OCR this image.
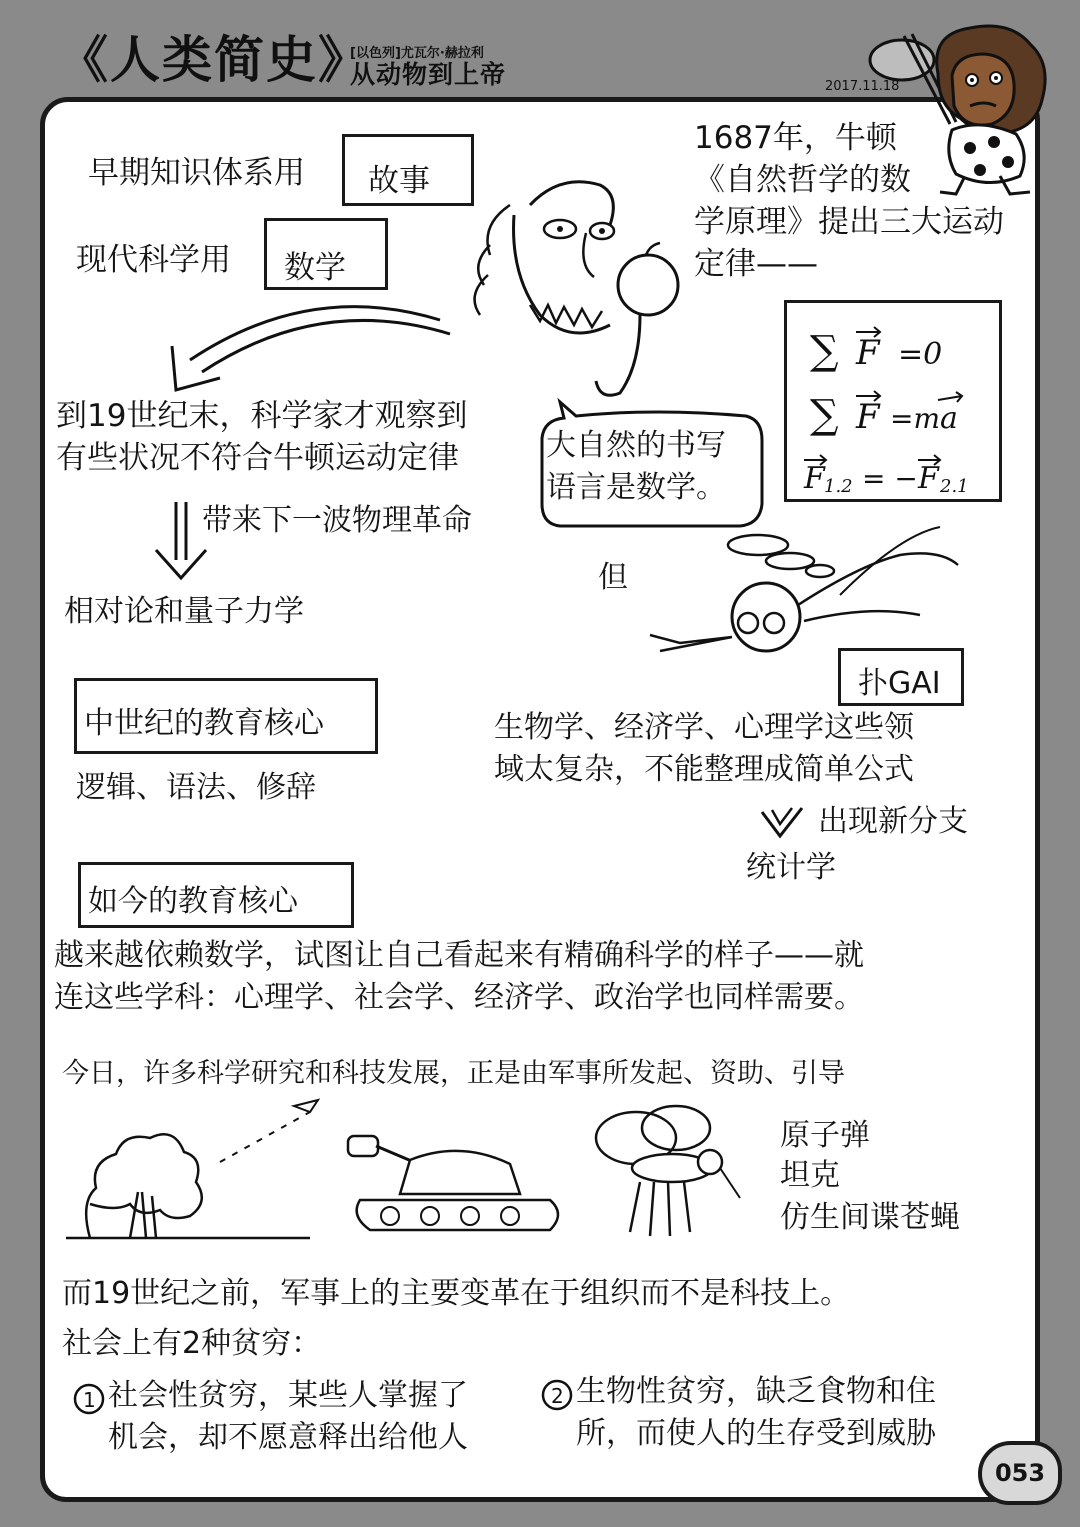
《人类简史》
[以色列]尤瓦尔·赫拉利
从动物到上帝	2017.11.18
早期知识体系用 故事
现代科学用 数学
1687年，牛顿
《自然哲学的数
学原理》提出三大运动
定律——
∑ F =0
∑ F =m a
F 1.2 = − F 2.1
大自然的书写
语言是数学。
到19世纪末，科学家才观察到
有些状况不符合牛顿运动定律
带来下一波物理革命
相对论和量子力学
但
扑GAI
生物学、经济学、心理学这些领
域太复杂，不能整理成简单公式
出现新分支
统计学
中世纪的教育核心
逻辑、语法、修辞
如今的教育核心
越来越依赖数学，试图让自己看起来有精确科学的样子——就
连这些学科：心理学、社会学、经济学、政治学也同样需要。
今日，许多科学研究和科技发展，正是由军事所发起、资助、引导
原子弹
坦克
仿生间谍苍蝇
而19世纪之前，军事上的主要变革在于组织而不是科技上。
社会上有2种贫穷：
1 社会性贫穷，某些人掌握了
机会，却不愿意释出给他人
2 生物性贫穷，缺乏食物和住
所，而使人的生存受到威胁
053
